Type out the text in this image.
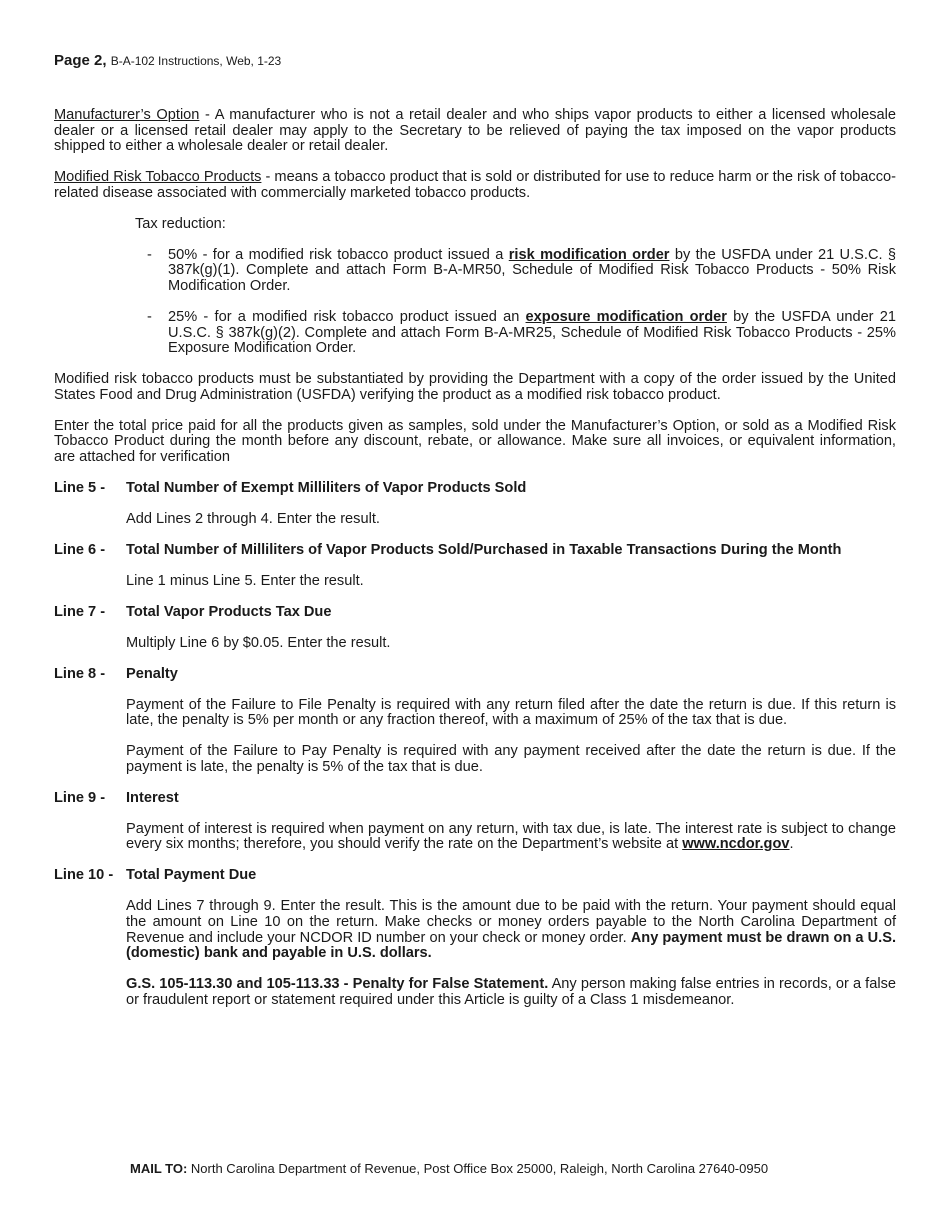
Page 2, B-A-102 Instructions, Web, 1-23

Manufacturer’s Option - A manufacturer who is not a retail dealer and who ships vapor products to either a licensed wholesale dealer or a licensed retail dealer may apply to the Secretary to be relieved of paying the tax imposed on the vapor products shipped to either a wholesale dealer or retail dealer.

Modified Risk Tobacco Products - means a tobacco product that is sold or distributed for use to reduce harm or the risk of tobacco-related disease associated with commercially marketed tobacco products.

Tax reduction:

-	50% - for a modified risk tobacco product issued a risk modification order by the USFDA under 21 U.S.C. § 387k(g)(1). Complete and attach Form B-A-MR50, Schedule of Modified Risk Tobacco Products - 50% Risk Modification Order.
-	25% - for a modified risk tobacco product issued an exposure modification order by the USFDA under 21 U.S.C. § 387k(g)(2). Complete and attach Form B-A-MR25, Schedule of Modified Risk Tobacco Products - 25% Exposure Modification Order.

Modified risk tobacco products must be substantiated by providing the Department with a copy of the order issued by the United States Food and Drug Administration (USFDA) verifying the product as a modified risk tobacco product.

Enter the total price paid for all the products given as samples, sold under the Manufacturer’s Option, or sold as a Modified Risk Tobacco Product during the month before any discount, rebate, or allowance. Make sure all invoices, or equivalent information, are attached for verification

Line 5 -	Total Number of Exempt Milliliters of Vapor Products Sold

Add Lines 2 through 4. Enter the result.

Line 6 -	Total Number of Milliliters of Vapor Products Sold/Purchased in Taxable Transactions During the Month

Line 1 minus Line 5. Enter the result.

Line 7 -	Total Vapor Products Tax Due

Multiply Line 6 by $0.05. Enter the result.

Line 8 -	Penalty

Payment of the Failure to File Penalty is required with any return filed after the date the return is due. If this return is late, the penalty is 5% per month or any fraction thereof, with a maximum of 25% of the tax that is due.

Payment of the Failure to Pay Penalty is required with any payment received after the date the return is due. If the payment is late, the penalty is 5% of the tax that is due.

Line 9 -	Interest

Payment of interest is required when payment on any return, with tax due, is late. The interest rate is subject to change every six months; therefore, you should verify the rate on the Department’s website at www.ncdor.gov.

Line 10 - Total Payment Due

Add Lines 7 through 9. Enter the result. This is the amount due to be paid with the return. Your payment should equal the amount on Line 10 on the return. Make checks or money orders payable to the North Carolina Department of Revenue and include your NCDOR ID number on your check or money order. Any payment must be drawn on a U.S. (domestic) bank and payable in U.S. dollars.

G.S. 105-113.30 and 105-113.33 - Penalty for False Statement. Any person making false entries in records, or a false or fraudulent report or statement required under this Article is guilty of a Class 1 misdemeanor.

MAIL TO: North Carolina Department of Revenue, Post Office Box 25000, Raleigh, North Carolina 27640-0950
